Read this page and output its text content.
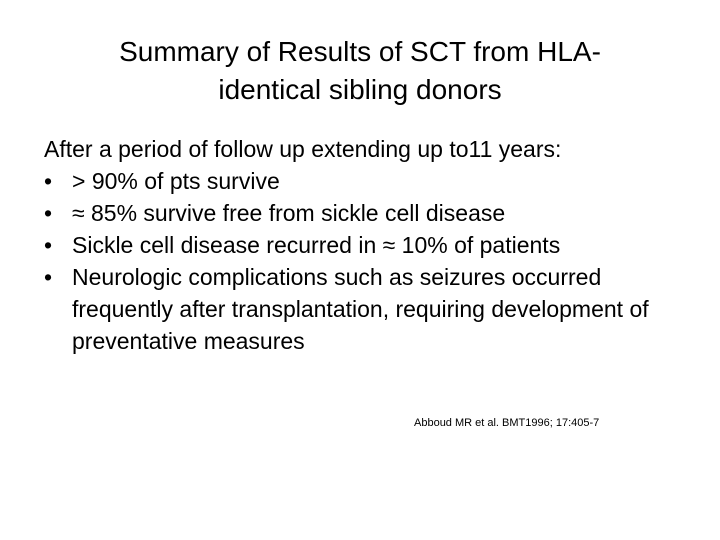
Summary of Results of SCT from HLA-
identical sibling donors

After a period of follow up extending up to11 years:

• > 90% of pts survive
• ≈ 85% survive free from sickle cell disease
• Sickle cell disease recurred in ≈ 10% of patients
• Neurologic complications such as seizures occurred frequently after transplantation, requiring development of preventative measures
Abboud MR et al. BMT1996; 17:405-7
